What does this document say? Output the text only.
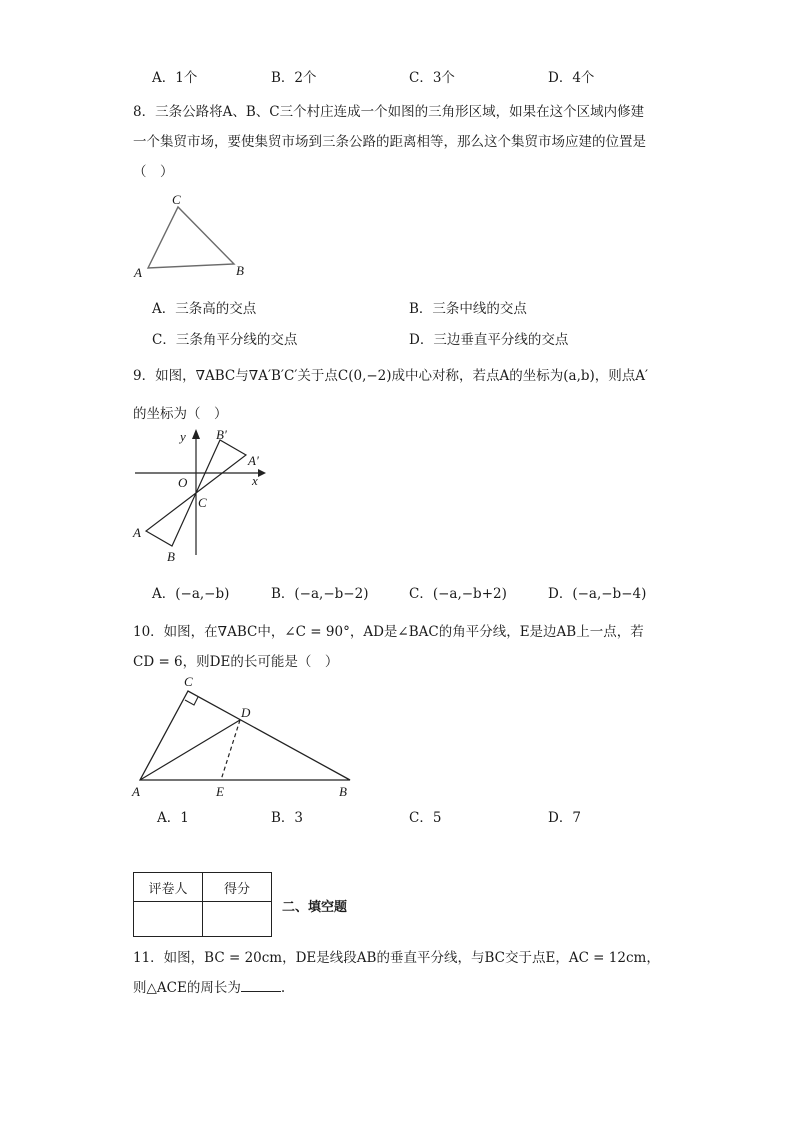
A．1个	B．2个	C．3个	D．4个
8．三条公路将A、B、C三个村庄连成一个如图的三角形区域，如果在这个区域内修建
一个集贸市场，要使集贸市场到三条公路的距离相等，那么这个集贸市场应建的位置是
（　）
C
A	B
A．三条高的交点	B．三条中线的交点
C．三条角平分线的交点	D．三边垂直平分线的交点
9．如图，∇ABC与∇A′B′C′关于点C(0,−2)成中心对称，若点A的坐标为(a,b)，则点A′
的坐标为（　）
y
x
O
C
A
B
A′
B′
A．(−a,−b)	B．(−a,−b−2)	C．(−a,−b+2)	D．(−a,−b−4)
10．如图，在∇ABC中，∠C = 90°，AD是∠BAC的角平分线，E是边AB上一点，若
CD = 6，则DE的长可能是（　）
C
D
A	E	B
A．1	B．3	C．5	D．7
评卷人	得分

二、填空题
11．如图，BC = 20cm，DE是线段AB的垂直平分线，与BC交于点E，AC = 12cm，
则△ACE的周长为	.
